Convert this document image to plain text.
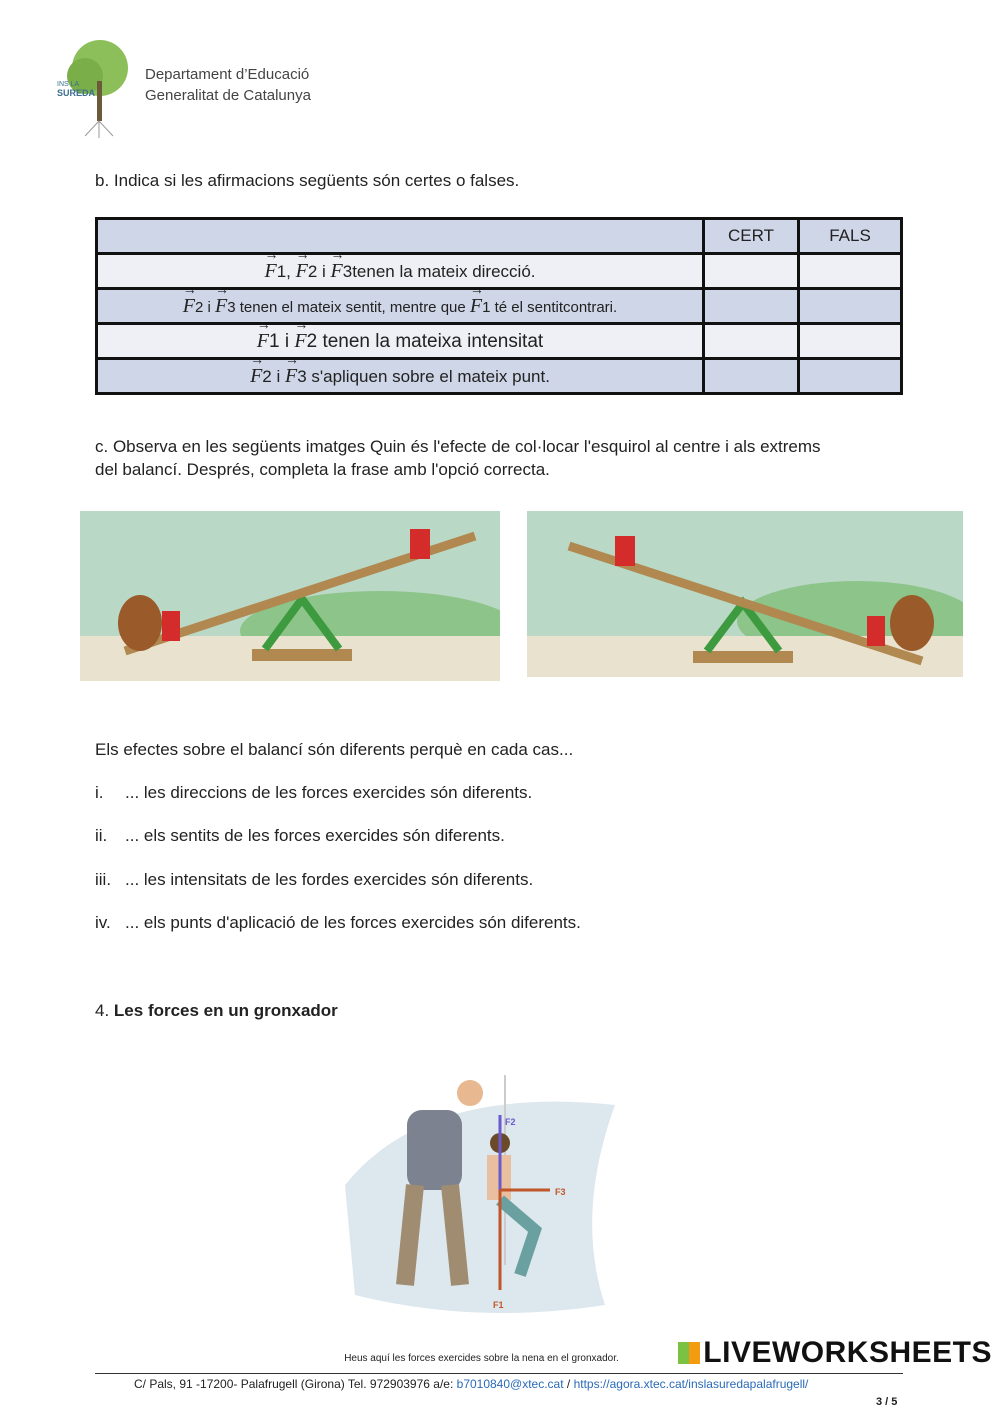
INS LA
SUREDA
Departament d’Educació
Generalitat de Catalunya
b. Indica si les afirmacions següents són certes o falses.
	CERT	FALS
→ F1, → F2 i → F3tenen la mateix direcció.		
→ F2 i → F3 tenen el mateix sentit, mentre que → F1 té el sentitcontrari.		
→ F1 i → F2 tenen la mateixa intensitat		
→ F2 i → F3 s'apliquen sobre el mateix punt.		
c. Observa en les següents imatges Quin és l'efecte de col·locar l'esquirol al centre i als extrems
del balancí. Després, completa la frase amb l'opció correcta.
Els efectes sobre el balancí són diferents perquè en cada cas...
i. ... les direccions de les forces exercides són diferents.
ii. ... els sentits de les forces exercides són diferents.
iii. ... les intensitats de les fordes exercides són diferents.
iv. ... els punts d'aplicació de les forces exercides són diferents.
4. Les forces en un gronxador
F2
F3
F1
Heus aquí les forces exercides sobre la nena en el gronxador.	LIVEWORKSHEETS
C/ Pals, 91 -17200- Palafrugell (Girona) Tel. 972903976 a/e: b7010840@xtec.cat / https://agora.xtec.cat/inslasuredapalafrugell/
3 / 5
